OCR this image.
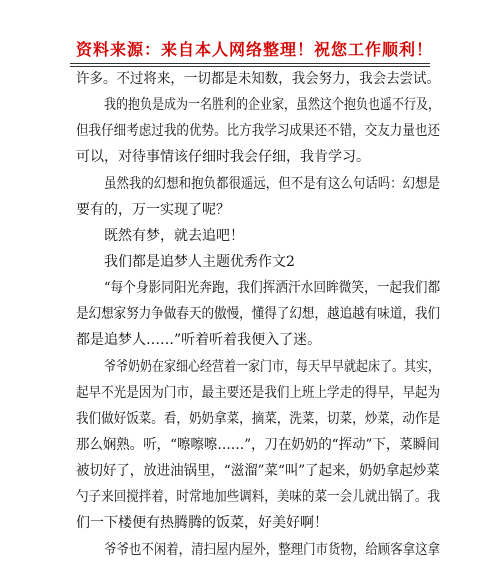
资料来源：来自本人网络整理！祝您工作顺利！
许多。不过将来，一切都是未知数，我会努力，我会去尝试。
我的抱负是成为一名胜利的企业家，虽然这个抱负也遥不行及，
但我仔细考虑过我的优势。比方我学习成果还不错，交友力量也还
可以，对待事情该仔细时我会仔细，我肯学习。
虽然我的幻想和抱负都很遥远，但不是有这么句话吗：幻想是
要有的，万一实现了呢？
既然有梦，就去追吧！
我们都是追梦人主题优秀作文2
“每个身影同阳光奔跑，我们挥洒汗水回眸微笑，一起我们都
是幻想家努力争做春天的傲慢，懂得了幻想，越追越有味道，我们
都是追梦人……”听着听着我便入了迷。
爷爷奶奶在家细心经营着一家门市，每天早早就起床了。其实，
起早不光是因为门市，最主要还是我们上班上学走的得早，早起为
我们做好饭菜。看，奶奶拿菜，摘菜，洗菜，切菜，炒菜，动作是
那么娴熟。听，“嚓嚓嚓……”，刀在奶奶的“挥动”下，菜瞬间
被切好了，放进油锅里，“滋溜”菜“叫”了起来，奶奶拿起炒菜
勺子来回搅拌着，时常地加些调料，美味的菜一会儿就出锅了。我
们一下楼便有热腾腾的饭菜，好美好啊！
爷爷也不闲着，清扫屋内屋外，整理门市货物，给顾客拿这拿
